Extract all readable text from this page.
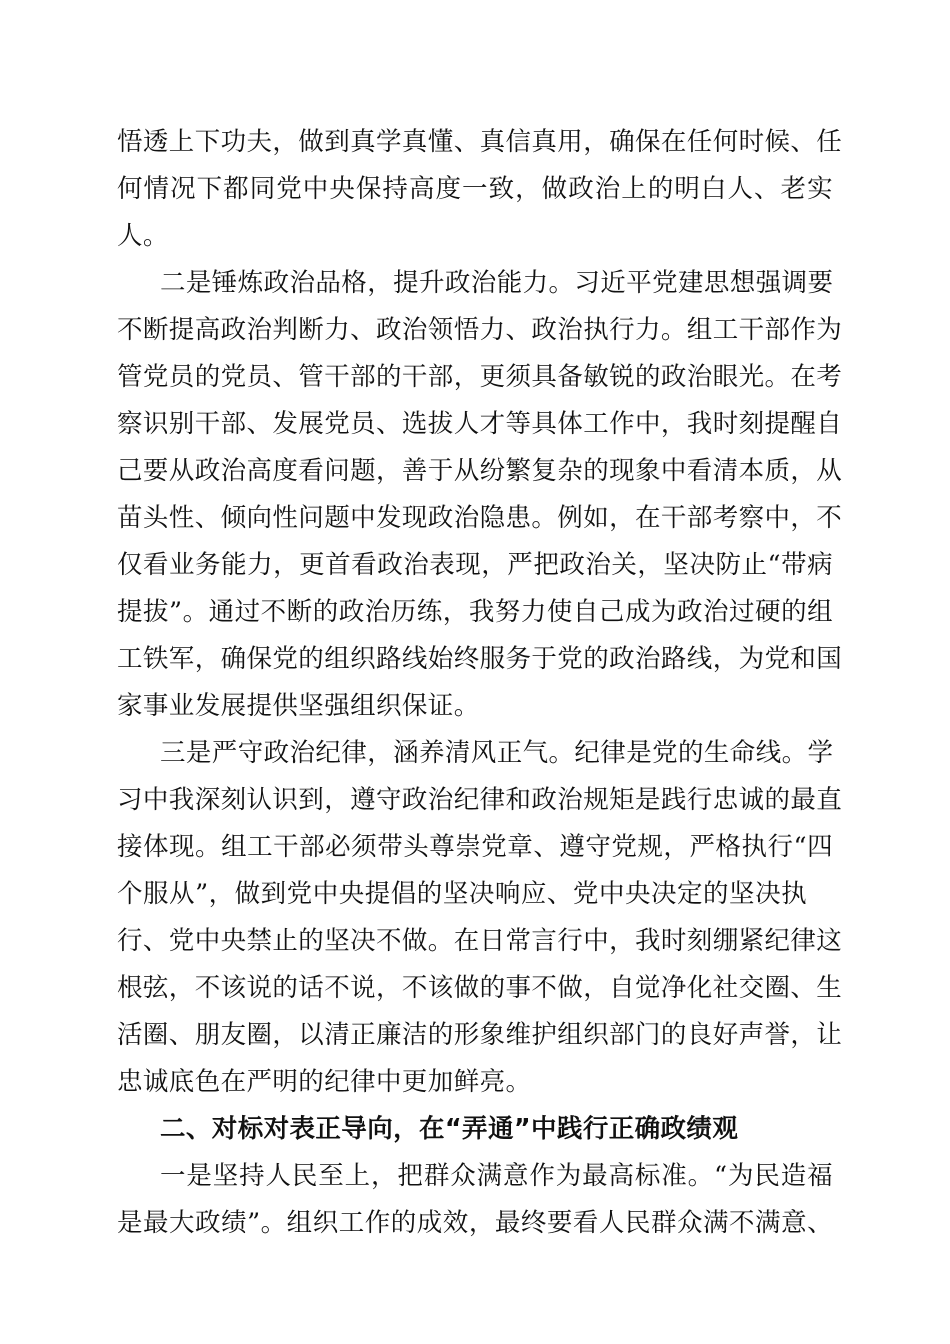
悟透上下功夫，做到真学真懂、真信真用，确保在任何时候、任
何情况下都同党中央保持高度一致，做政治上的明白人、老实
人。
二是锤炼政治品格，提升政治能力。习近平党建思想强调要
不断提高政治判断力、政治领悟力、政治执行力。组工干部作为
管党员的党员、管干部的干部，更须具备敏锐的政治眼光。在考
察识别干部、发展党员、选拔人才等具体工作中，我时刻提醒自
己要从政治高度看问题，善于从纷繁复杂的现象中看清本质，从
苗头性、倾向性问题中发现政治隐患。例如，在干部考察中，不
仅看业务能力，更首看政治表现，严把政治关，坚决防止“带病
提拔”。通过不断的政治历练，我努力使自己成为政治过硬的组
工铁军，确保党的组织路线始终服务于党的政治路线，为党和国
家事业发展提供坚强组织保证。
三是严守政治纪律，涵养清风正气。纪律是党的生命线。学
习中我深刻认识到，遵守政治纪律和政治规矩是践行忠诚的最直
接体现。组工干部必须带头尊崇党章、遵守党规，严格执行“四
个服从”，做到党中央提倡的坚决响应、党中央决定的坚决执
行、党中央禁止的坚决不做。在日常言行中，我时刻绷紧纪律这
根弦，不该说的话不说，不该做的事不做，自觉净化社交圈、生
活圈、朋友圈，以清正廉洁的形象维护组织部门的良好声誉，让
忠诚底色在严明的纪律中更加鲜亮。
二、对标对表正导向，在“弄通”中践行正确政绩观
一是坚持人民至上，把群众满意作为最高标准。“为民造福
是最大政绩”。组织工作的成效，最终要看人民群众满不满意、
